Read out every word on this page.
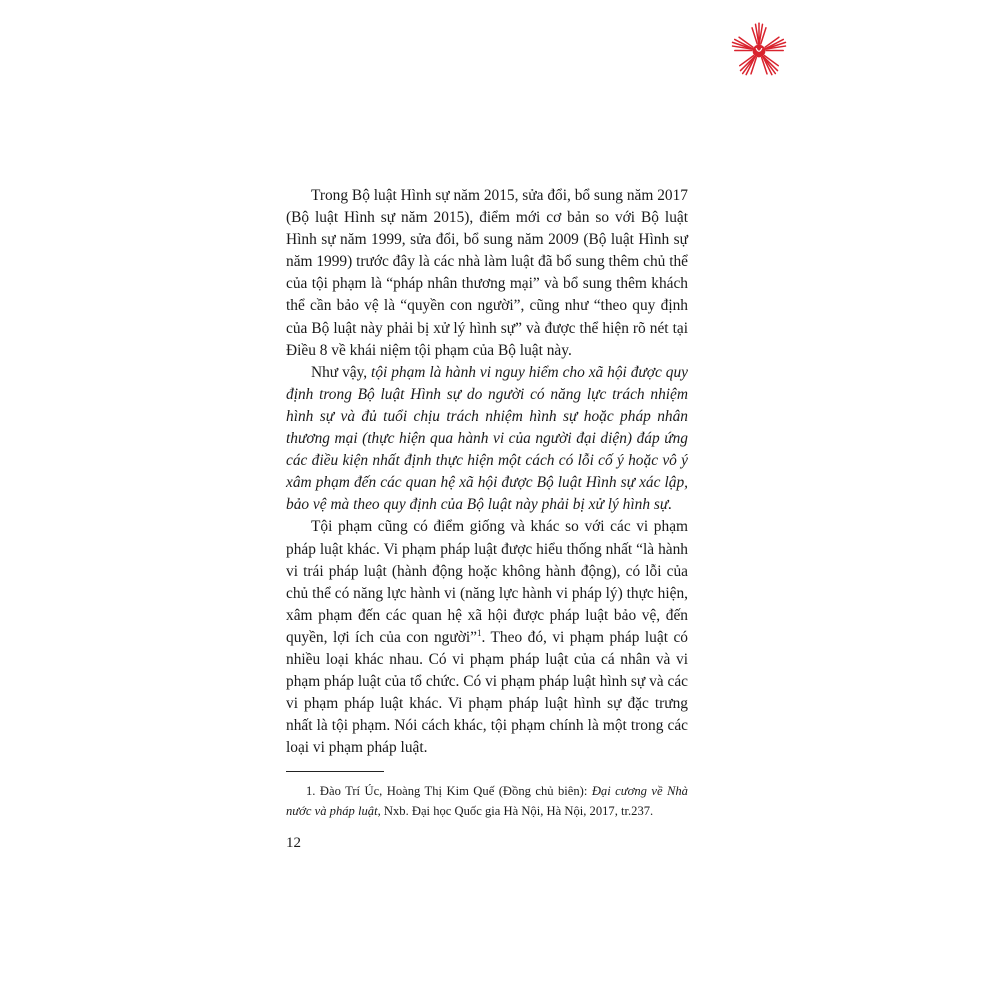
Trong Bộ luật Hình sự năm 2015, sửa đổi, bổ sung năm 2017 (Bộ luật Hình sự năm 2015), điểm mới cơ bản so với Bộ luật Hình sự năm 1999, sửa đổi, bổ sung năm 2009 (Bộ luật Hình sự năm 1999) trước đây là các nhà làm luật đã bổ sung thêm chủ thể của tội phạm là “pháp nhân thương mại” và bổ sung thêm khách thể cần bảo vệ là “quyền con người”, cũng như “theo quy định của Bộ luật này phải bị xử lý hình sự” và được thể hiện rõ nét tại Điều 8 về khái niệm tội phạm của Bộ luật này.

Như vậy, tội phạm là hành vi nguy hiểm cho xã hội được quy định trong Bộ luật Hình sự do người có năng lực trách nhiệm hình sự và đủ tuổi chịu trách nhiệm hình sự hoặc pháp nhân thương mại (thực hiện qua hành vi của người đại diện) đáp ứng các điều kiện nhất định thực hiện một cách có lỗi cố ý hoặc vô ý xâm phạm đến các quan hệ xã hội được Bộ luật Hình sự xác lập, bảo vệ mà theo quy định của Bộ luật này phải bị xử lý hình sự.

Tội phạm cũng có điểm giống và khác so với các vi phạm pháp luật khác. Vi phạm pháp luật được hiểu thống nhất “là hành vi trái pháp luật (hành động hoặc không hành động), có lỗi của chủ thể có năng lực hành vi (năng lực hành vi pháp lý) thực hiện, xâm phạm đến các quan hệ xã hội được pháp luật bảo vệ, đến quyền, lợi ích của con người”$^1$. Theo đó, vi phạm pháp luật có nhiều loại khác nhau. Có vi phạm pháp luật của cá nhân và vi phạm pháp luật của tổ chức. Có vi phạm pháp luật hình sự và các vi phạm pháp luật khác. Vi phạm pháp luật hình sự đặc trưng nhất là tội phạm. Nói cách khác, tội phạm chính là một trong các loại vi phạm pháp luật.

1. Đào Trí Úc, Hoàng Thị Kim Quế (Đồng chủ biên): Đại cương về Nhà nước và pháp luật, Nxb. Đại học Quốc gia Hà Nội, Hà Nội, 2017, tr.237.

12
